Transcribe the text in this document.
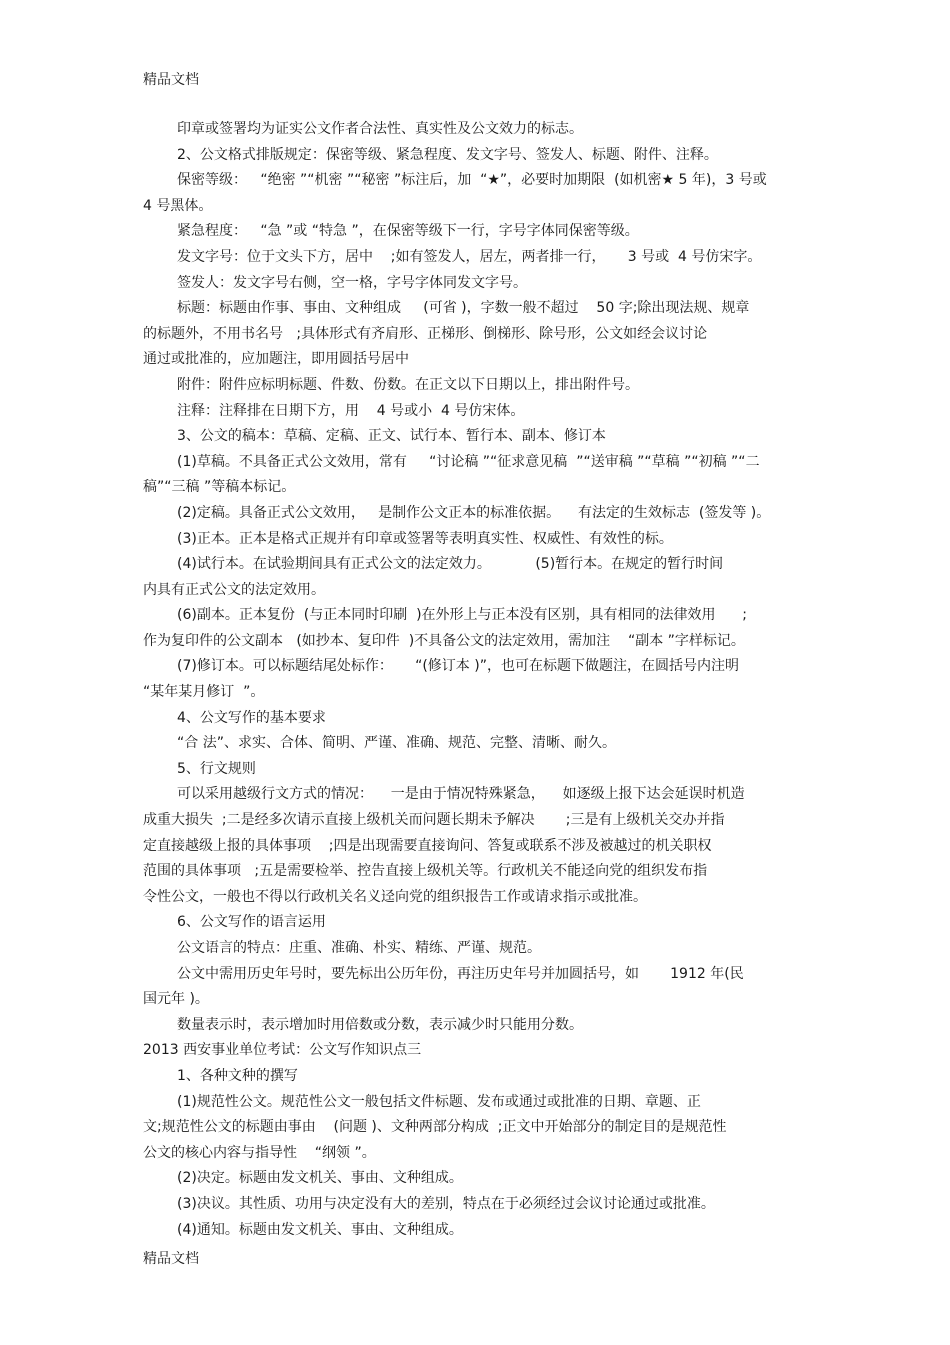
精品文档
印章或签署均为证实公文作者合法性、真实性及公文效力的标志。
2、公文格式排版规定：保密等级、紧急程度、发文字号、签发人、标题、附件、注释。
保密等级：   “绝密 ”“机密 ”“秘密 ”标注后，加  “★”，必要时加期限  (如机密★ 5 年)，3 号或
4 号黑体。
紧急程度：   “急 ”或 “特急 ”，在保密等级下一行，字号字体同保密等级。
发文字号：位于文头下方，居中    ;如有签发人，居左，两者排一行，     3 号或  4 号仿宋字。
签发人：发文字号右侧，空一格，字号字体同发文字号。
标题：标题由作事、事由、文种组成     (可省 )，字数一般不超过    50 字;除出现法规、规章
的标题外，不用书名号   ;具体形式有齐肩形、正梯形、倒梯形、除号形，公文如经会议讨论
通过或批准的，应加题注，即用圆括号居中
附件：附件应标明标题、件数、份数。在正文以下日期以上，排出附件号。
注释：注释排在日期下方，用    4 号或小  4 号仿宋体。
3、公文的稿本：草稿、定稿、正文、试行本、暂行本、副本、修订本
(1)草稿。不具备正式公文效用，常有     “讨论稿 ”“征求意见稿  ”“送审稿 ”“草稿 ”“初稿 ”“二
稿”“三稿 ”等稿本标记。
(2)定稿。具备正式公文效用，   是制作公文正本的标准依据。    有法定的生效标志  (签发等 )。
(3)正本。正本是格式正规并有印章或签署等表明真实性、权威性、有效性的标。
(4)试行本。在试验期间具有正式公文的法定效力。          (5)暂行本。在规定的暂行时间
内具有正式公文的法定效用。
(6)副本。正本复份  (与正本同时印刷  )在外形上与正本没有区别，具有相同的法律效用      ;
作为复印件的公文副本   (如抄本、复印件  )不具备公文的法定效用，需加注    “副本 ”字样标记。
(7)修订本。可以标题结尾处标作：     “(修订本 )”，也可在标题下做题注，在圆括号内注明
“某年某月修订  ”。
4、公文写作的基本要求
“合 法”、求实、合体、简明、严谨、准确、规范、完整、清晰、耐久。
5、行文规则
可以采用越级行文方式的情况：    一是由于情况特殊紧急，    如逐级上报下达会延误时机造
成重大损失  ;二是经多次请示直接上级机关而问题长期未予解决       ;三是有上级机关交办并指
定直接越级上报的具体事项    ;四是出现需要直接询问、答复或联系不涉及被越过的机关职权
范围的具体事项   ;五是需要检举、控告直接上级机关等。行政机关不能迳向党的组织发布指
令性公文，一般也不得以行政机关名义迳向党的组织报告工作或请求指示或批准。
6、公文写作的语言运用
公文语言的特点：庄重、准确、朴实、精练、严谨、规范。
公文中需用历史年号时，要先标出公历年份，再注历史年号并加圆括号，如       1912 年(民
国元年 )。
数量表示时，表示增加时用倍数或分数，表示减少时只能用分数。
2013 西安事业单位考试：公文写作知识点三
1、各种文种的撰写
(1)规范性公文。规范性公文一般包括文件标题、发布或通过或批准的日期、章题、正
文;规范性公文的标题由事由    (问题 )、文种两部分构成  ;正文中开始部分的制定目的是规范性
公文的核心内容与指导性    “纲领 ”。
(2)决定。标题由发文机关、事由、文种组成。
(3)决议。其性质、功用与决定没有大的差别，特点在于必须经过会议讨论通过或批准。
(4)通知。标题由发文机关、事由、文种组成。
精品文档
